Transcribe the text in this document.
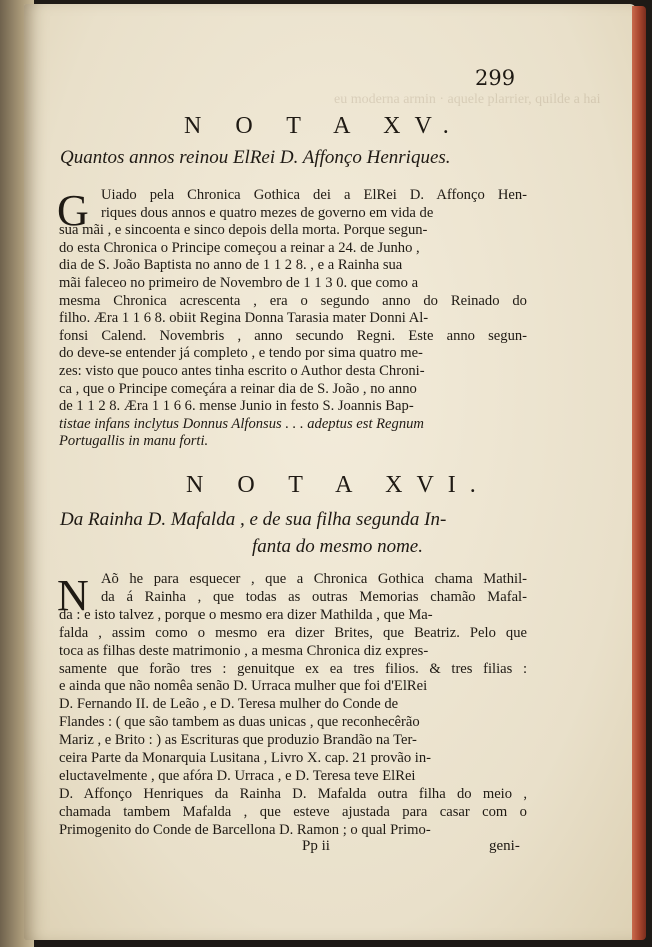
eu moderna armin · aquele plarrier, quilde a hai

299

N O T A XV.

Quantos annos reinou ElRei D. Affonço Henriques.

G Uiado pela Chronica Gothica dei a ElRei D. Affonço Hen-

riques dous annos e quatro mezes de governo em vida de

sua mãi , e sincoenta e sinco depois della morta. Porque segun-

do esta Chronica o Principe começou a reinar a 24. de Junho ,

dia de S. João Baptista no anno de 1 1 2 8. , e a Rainha sua

mãi faleceo no primeiro de Novembro de 1 1 3 0. que como a

mesma Chronica acrescenta , era o segundo anno do Reinado do

filho. Æra 1 1 6 8. obiit Regina Donna Tarasia mater Donni Al-

fonsi Calend. Novembris , anno secundo Regni. Este anno segun-

do deve-se entender já completo , e tendo por sima quatro me-

zes: visto que pouco antes tinha escrito o Author desta Chroni-

ca , que o Principe começára a reinar dia de S. João , no anno

de 1 1 2 8. Æra 1 1 6 6. mense Junio in festo S. Joannis Bap-

tistae infans inclytus Donnus Alfonsus . . . adeptus est Regnum

Portugallis in manu forti.

N O T A XVI.

Da Rainha D. Mafalda , e de sua filha segunda In-

fanta do mesmo nome.

N Aõ he para esquecer , que a Chronica Gothica chama Mathil-

da á Rainha , que todas as outras Memorias chamão Mafal-

da : e isto talvez , porque o mesmo era dizer Mathilda , que Ma-

falda , assim como o mesmo era dizer Brites, que Beatriz. Pelo que

toca as filhas deste matrimonio , a mesma Chronica diz expres-

samente que forão tres : genuitque ex ea tres filios. & tres filias :

e ainda que não nomêa senão D. Urraca mulher que foi d'ElRei

D. Fernando II. de Leão , e D. Teresa mulher do Conde de

Flandes : ( que são tambem as duas unicas , que reconhecêrão

Mariz , e Brito : ) as Escrituras que produzio Brandão na Ter-

ceira Parte da Monarquia Lusitana , Livro X. cap. 21 provão in-

eluctavelmente , que afóra D. Urraca , e D. Teresa teve ElRei

D. Affonço Henriques da Rainha D. Mafalda outra filha do meio ,

chamada tambem Mafalda , que esteve ajustada para casar com o

Primogenito do Conde de Barcellona D. Ramon ; o qual Primo-

Pp ii	geni-
